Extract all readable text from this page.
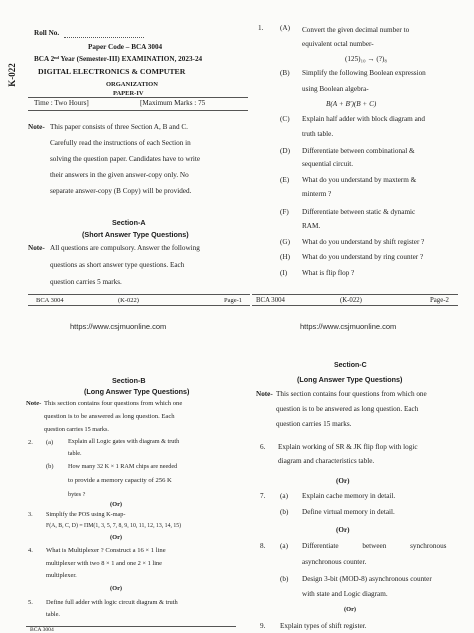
Roll No.
Paper Code – BCA 3004
BCA 2ⁿᵈ Year (Semester-III) EXAMINATION, 2023-24
K-022	DIGITAL ELECTRONICS & COMPUTER
ORGANIZATION
PAPER-IV
Time : Two Hours]	[Maximum Marks : 75
Note- This paper consists of three Section A, B and C.
Carefully read the instructions of each Section in
solving the question paper. Candidates have to write
their answers in the given answer-copy only. No
separate answer-copy (B Copy) will be provided.
Section-A
(Short Answer Type Questions)
Note- All questions are compulsory. Answer the following
questions as short answer type questions. Each
question carries 5 marks.
BCA 3004	(K-022)	Page-1
https://www.csjmuonline.com
1. (A) Convert the given decimal number to
equivalent octal number-
(125)₁₀ → (?)₈
(B) Simplify the following Boolean expression
using Boolean algebra-
B(A + B′)(B + C)
(C) Explain half adder with block diagram and
truth table.
(D) Differentiate between combinational &
sequential circuit.
(E) What do you understand by maxterm &
minterm ?
(F) Differentiate between static & dynamic
RAM.
(G) What do you understand by shift register ?
(H) What do you understand by ring counter ?
(I) What is flip flop ?
BCA 3004	(K-022)	Page-2
https://www.csjmuonline.com
Section-B
(Long Answer Type Questions)
Note- This section contains four questions from which one
question is to be answered as long question. Each
question carries 15 marks.
2. (a) Explain all Logic gates with diagram & truth
table.
(b) How many 32 K × 1 RAM chips are needed
to provide a memory capacity of 256 K
bytes ?
(Or)
3. Simplify the POS using K-map-
F(A, B, C, D) = ΠM(1, 3, 5, 7, 8, 9, 10, 11, 12, 13, 14, 15)
(Or)
4. What is Multiplexer ? Construct a 16 × 1 line
multiplexer with two 8 × 1 and one 2 × 1 line
multiplexer.
(Or)
5. Define full adder with logic circuit diagram & truth
table.
BCA 3004
Section-C
(Long Answer Type Questions)
Note- This section contains four questions from which one
question is to be answered as long question. Each
question carries 15 marks.
6. Explain working of SR & JK flip flop with logic
diagram and characteristics table.
(Or)
7. (a) Explain cache memory in detail.
(b) Define virtual memory in detail.
(Or)
8. (a) Differentiate between synchronous
asynchronous counter.
(b) Design 3-bit (MOD-8) asynchronous counter
with state and Logic diagram.
(Or)
9. Explain types of shift register.
